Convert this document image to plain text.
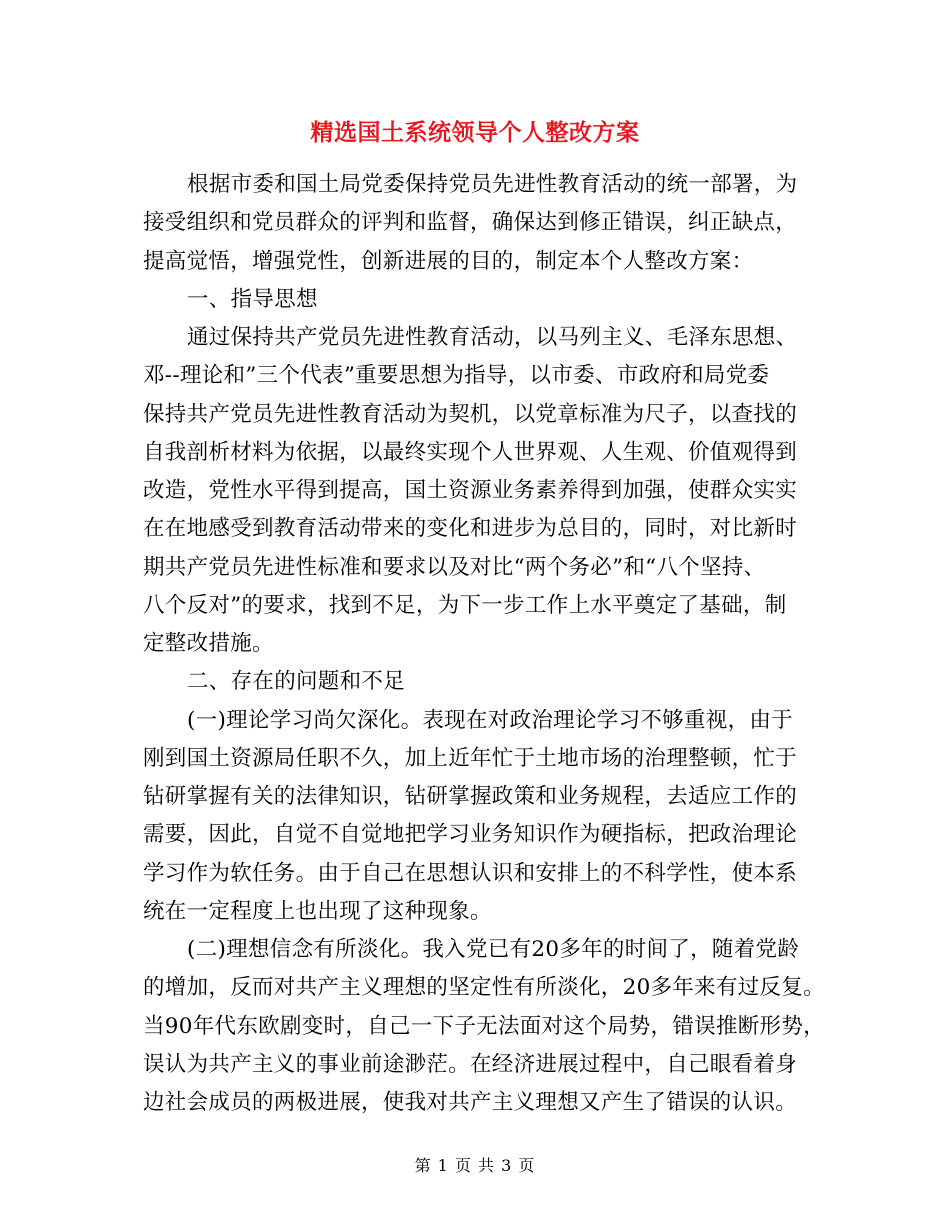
精选国土系统领导个人整改方案
根据市委和国土局党委保持党员先进性教育活动的统一部署，为
接受组织和党员群众的评判和监督，确保达到修正错误，纠正缺点，
提高觉悟，增强党性，创新进展的目的，制定本个人整改方案：
一、指导思想
通过保持共产党员先进性教育活动，以马列主义、毛泽东思想、
邓--理论和”三个代表”重要思想为指导，以市委、市政府和局党委
保持共产党员先进性教育活动为契机，以党章标准为尺子，以查找的
自我剖析材料为依据，以最终实现个人世界观、人生观、价值观得到
改造，党性水平得到提高，国土资源业务素养得到加强，使群众实实
在在地感受到教育活动带来的变化和进步为总目的，同时，对比新时
期共产党员先进性标准和要求以及对比“两个务必”和“八个坚持、
八个反对”的要求，找到不足，为下一步工作上水平奠定了基础，制
定整改措施。
二、存在的问题和不足
(一)理论学习尚欠深化。表现在对政治理论学习不够重视，由于
刚到国土资源局任职不久，加上近年忙于土地市场的治理整顿，忙于
钻研掌握有关的法律知识，钻研掌握政策和业务规程，去适应工作的
需要，因此，自觉不自觉地把学习业务知识作为硬指标，把政治理论
学习作为软任务。由于自己在思想认识和安排上的不科学性，使本系
统在一定程度上也出现了这种现象。
(二)理想信念有所淡化。我入党已有20多年的时间了，随着党龄
的增加，反而对共产主义理想的坚定性有所淡化，20多年来有过反复。
当90年代东欧剧变时，自己一下子无法面对这个局势，错误推断形势，
误认为共产主义的事业前途渺茫。在经济进展过程中，自己眼看着身
边社会成员的两极进展，使我对共产主义理想又产生了错误的认识。
第 1 页 共 3 页
